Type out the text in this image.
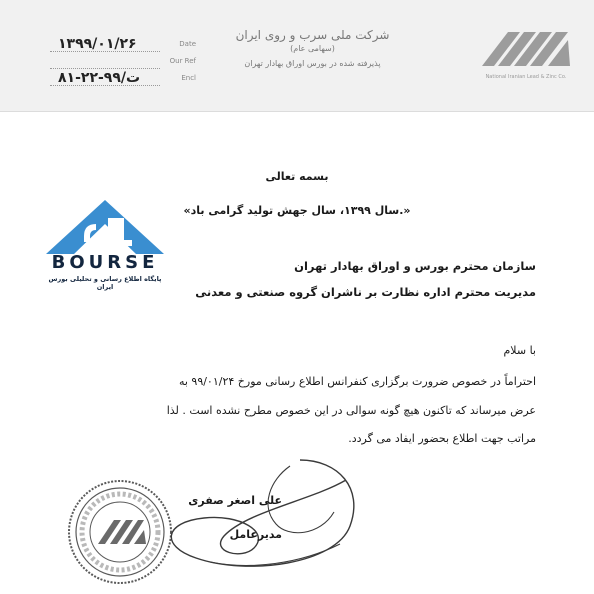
۱۳۹۹/۰۱/۲۶	Date
Our Ref
۸۱-۲۲-۹۹/ت	Encl
شرکت ملی سرب و روی ایران
(سهامی عام)
پذیرفته شده در بورس اوراق بهادار تهران
National Iranian Lead & Zinc Co.
بسمه تعالی
«سال ۱۳۹۹، سال جهش تولید گرامی باد.»
BOURSE
پایگاه اطلاع رسانی و تحلیلی بورس ایران
سازمان محترم بورس و اوراق بهادار تهران
مدیریت محترم اداره نظارت بر ناشران گروه صنعتی و معدنی
با سلام
احتراماً در خصوص ضرورت برگزاری کنفرانس اطلاع رسانی مورخ ۹۹/۰۱/۲۴ به
عرض میرساند که تاکنون هیچ گونه سوالی در این خصوص مطرح نشده است . لذا
مراتب جهت اطلاع بحضور ایفاد می گردد.
علی اصغر صفری
مدیرعامل
